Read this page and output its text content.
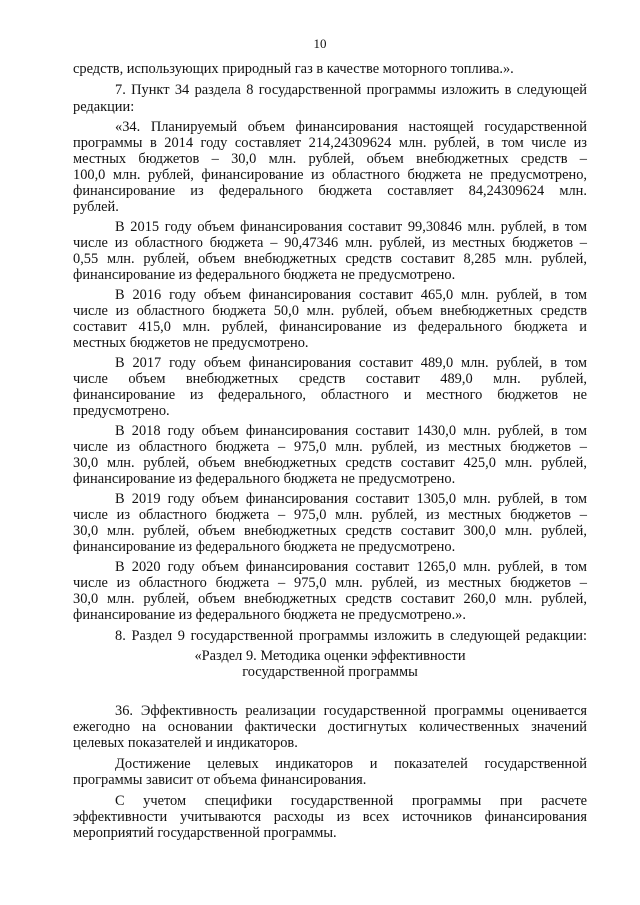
10
средств, использующих природный газ в качестве моторного топлива.».
7. Пункт 34 раздела 8 государственной программы изложить в следующей
редакции:
«34. Планируемый объем финансирования настоящей государственной
программы в 2014 году составляет 214,24309624 млн. рублей, в том числе из
местных бюджетов – 30,0 млн. рублей, объем внебюджетных средств –
100,0 млн. рублей, финансирование из областного бюджета не предусмотрено,
финансирование из федерального бюджета составляет 84,24309624 млн.
рублей.
В 2015 году объем финансирования составит 99,30846 млн. рублей, в том
числе из областного бюджета – 90,47346 млн. рублей, из местных бюджетов –
0,55 млн. рублей, объем внебюджетных средств составит 8,285 млн. рублей,
финансирование из федерального бюджета не предусмотрено.
В 2016 году объем финансирования составит 465,0 млн. рублей, в том
числе из областного бюджета 50,0 млн. рублей, объем внебюджетных средств
составит 415,0 млн. рублей, финансирование из федерального бюджета и
местных бюджетов не предусмотрено.
В 2017 году объем финансирования составит 489,0 млн. рублей, в том
числе объем внебюджетных средств составит 489,0 млн. рублей,
финансирование из федерального, областного и местного бюджетов не
предусмотрено.
В 2018 году объем финансирования составит 1430,0 млн. рублей, в том
числе из областного бюджета – 975,0 млн. рублей, из местных бюджетов –
30,0 млн. рублей, объем внебюджетных средств составит 425,0 млн. рублей,
финансирование из федерального бюджета не предусмотрено.
В 2019 году объем финансирования составит 1305,0 млн. рублей, в том
числе из областного бюджета – 975,0 млн. рублей, из местных бюджетов –
30,0 млн. рублей, объем внебюджетных средств составит 300,0 млн. рублей,
финансирование из федерального бюджета не предусмотрено.
В 2020 году объем финансирования составит 1265,0 млн. рублей, в том
числе из областного бюджета – 975,0 млн. рублей, из местных бюджетов –
30,0 млн. рублей, объем внебюджетных средств составит 260,0 млн. рублей,
финансирование из федерального бюджета не предусмотрено.».
8. Раздел 9 государственной программы изложить в следующей редакции:
«Раздел 9. Методика оценки эффективности
государственной программы
36. Эффективность реализации государственной программы оценивается
ежегодно на основании фактически достигнутых количественных значений
целевых показателей и индикаторов.
Достижение целевых индикаторов и показателей государственной
программы зависит от объема финансирования.
С учетом специфики государственной программы при расчете
эффективности учитываются расходы из всех источников финансирования
мероприятий государственной программы.
